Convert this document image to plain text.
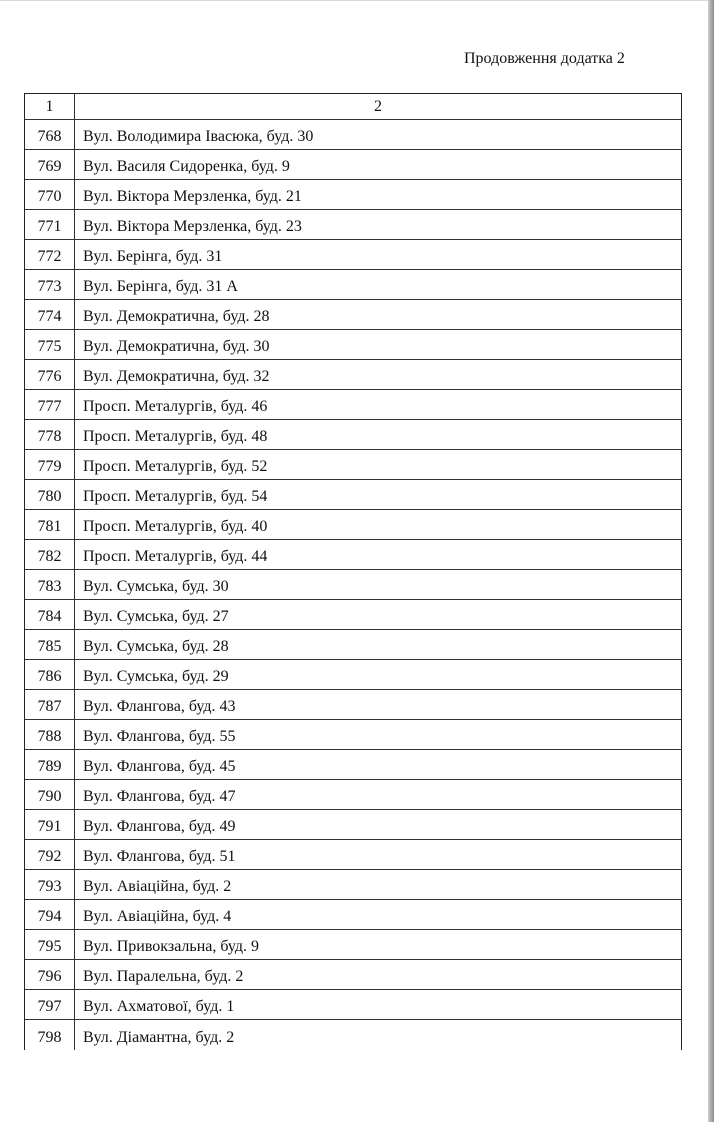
Продовження додатка 2
1	2
768	Вул. Володимира Івасюка, буд. 30
769	Вул. Василя Сидоренка, буд. 9
770	Вул. Віктора Мерзленка, буд. 21
771	Вул. Віктора Мерзленка, буд. 23
772	Вул. Берінга, буд. 31
773	Вул. Берінга, буд. 31 А
774	Вул. Демократична, буд. 28
775	Вул. Демократична, буд. 30
776	Вул. Демократична, буд. 32
777	Просп. Металургів, буд. 46
778	Просп. Металургів, буд. 48
779	Просп. Металургів, буд. 52
780	Просп. Металургів, буд. 54
781	Просп. Металургів, буд. 40
782	Просп. Металургів, буд. 44
783	Вул. Сумська, буд. 30
784	Вул. Сумська, буд. 27
785	Вул. Сумська, буд. 28
786	Вул. Сумська, буд. 29
787	Вул. Флангова, буд. 43
788	Вул. Флангова, буд. 55
789	Вул. Флангова, буд. 45
790	Вул. Флангова, буд. 47
791	Вул. Флангова, буд. 49
792	Вул. Флангова, буд. 51
793	Вул. Авіаційна, буд. 2
794	Вул. Авіаційна, буд. 4
795	Вул. Привокзальна, буд. 9
796	Вул. Паралельна, буд. 2
797	Вул. Ахматової, буд. 1
798	Вул. Діамантна, буд. 2
